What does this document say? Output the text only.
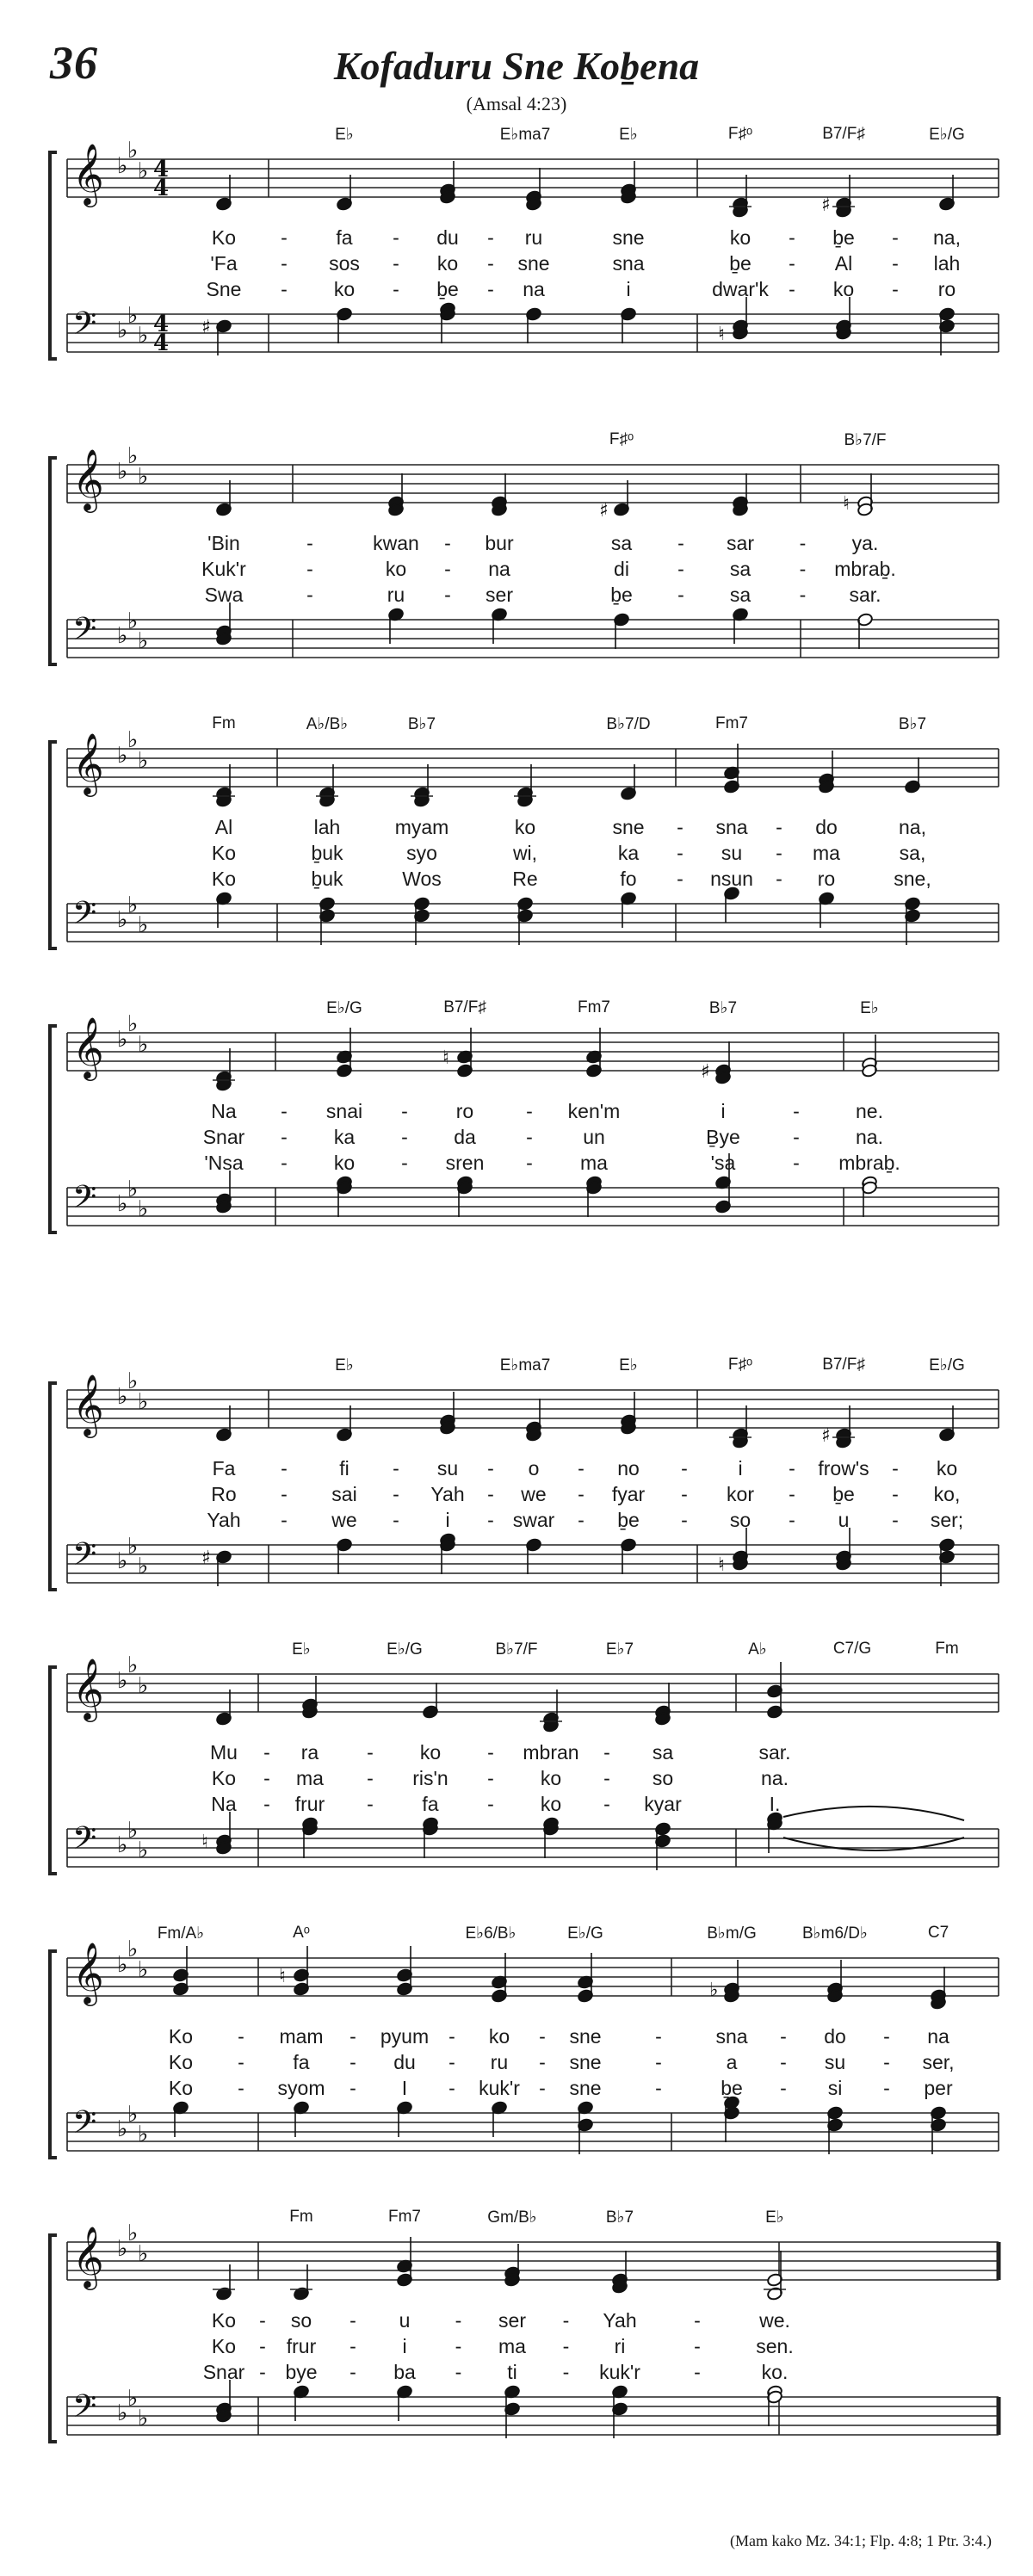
36	Kofaduru Sne Koḇena
(Amsal 4:23)
𝄞 ♭
♭
♭ 4
4
𝄢 ♭
♭
♭ 4
4
♯	♮
♯
E♭	E♭ma7	E♭	F♯ᵒ	B7/F♯	E♭/G
Ko	fa	du	ru	sne	ko	ḇe	na,
-	-	-	-	-
'Fa	sos	ko	sne	sna	ḇe	Al	lah
-	-	-	-	-
Sne	ko	ḇe	na	i	dwar'k	ko	ro
-	-	-	-	-
𝄞 ♭
♭
♭
𝄢 ♭
♭
♭
♯	♮
F♯ᵒ	B♭7/F
'Bin	kwan	bur	sa	sar	ya.
-	-	-	-
Kuk'r	ko	na	di	sa	mbraḇ.
-	-	-	-
Swa	ru	ser	ḇe	sa	sar.
-	-	-	-
𝄞 ♭
♭
♭
𝄢 ♭
♭
♭
Fm	A♭/B♭	B♭7	B♭7/D	Fm7	B♭7
Al	lah	myam	ko	sne	sna	do	na,
-	-
Ko	ḇuk	syo	wi,	ka	su	ma	sa,
-	-
Ko	ḇuk	Wos	Re	fo	nsun	ro	sne,
-	-
𝄞 ♭
♭
♭
𝄢 ♭
♭
♭
♮
♯
E♭/G	B7/F♯	Fm7	B♭7	E♭
Na	snai	ro	ken'm	i	ne.
-	-	-	-
Snar	ka	da	un	Ḇye	na.
-	-	-	-
'Nsa	ko	sren	ma	'sa	mbraḇ.
-	-	-	-
𝄞 ♭
♭
♭
𝄢 ♭
♭
♭	♯	♮
♯
E♭	E♭ma7	E♭	F♯ᵒ	B7/F♯	E♭/G
Fa	fi	su	o	no	i	frow's	ko
-	-	-	-	-	-	-
Ro	sai	Yah	we	fyar	kor	ḇe	ko,
-	-	-	-	-	-	-
Yah	we	i	swar	ḇe	so	u	ser;
-	-	-	-	-	-	-
𝄞 ♭
♭
♭
𝄢 ♭
♭
♭	♮
E♭	E♭/G	B♭7/F	E♭7	A♭	C7/G	Fm
Mu	ra	ko	mbran	sa	sar.
-	-	-	-
Ko	ma	ris'n	ko	so	na.
-	-	-	-
Na	frur	fa	ko	kyar	I.
-	-	-	-
𝄞 ♭
♭
♭
𝄢 ♭
♭
♭
♮
♭
Fm/A♭	Aᵒ	E♭6/B♭	E♭/G	B♭m/G	B♭m6/D♭	C7
Ko	mam	pyum	ko	sne	sna	do	na
-	-	-	-	-	-	-
Ko	fa	du	ru	sne	a	su	ser,
-	-	-	-	-	-	-
Ko	syom	I	kuk'r	sne	ḇe	si	per
-	-	-	-	-	-	-
𝄞 ♭
♭
♭
𝄢 ♭
♭
♭
Fm	Fm7	Gm/B♭	B♭7	E♭
Ko	so	u	ser	Yah	we.
-	-	-	-	-
Ko	frur	i	ma	ri	sen.
-	-	-	-	-
Snar bye	ba	ti	kuk'r	ko.
-	-	-	-	-
(Mam kako Mz. 34:1; Flp. 4:8; 1 Ptr. 3:4.)
